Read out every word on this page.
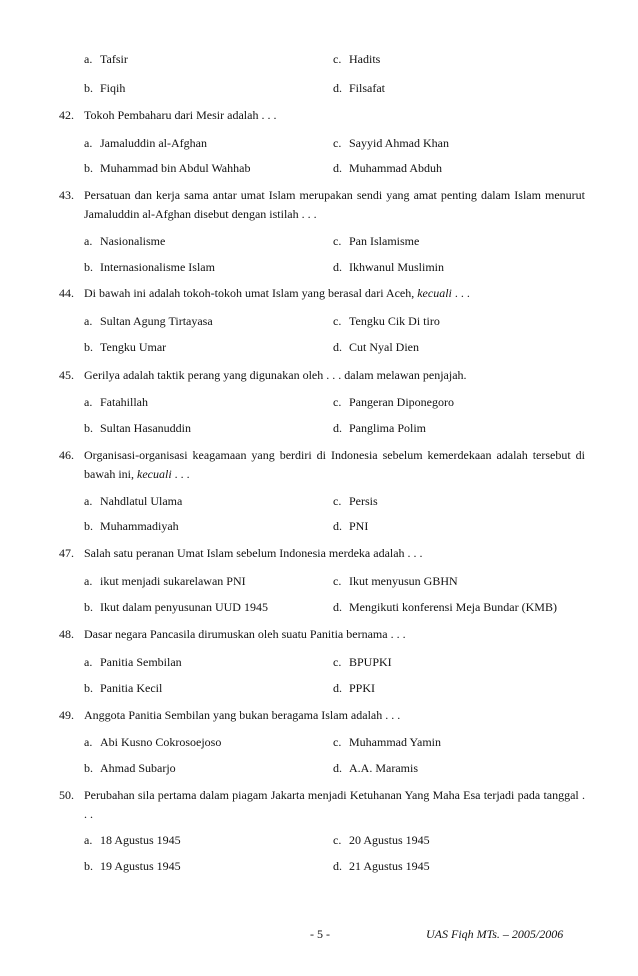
a. Tafsir	c. Hadits
b. Fiqih	d. Filsafat
42. Tokoh Pembaharu dari Mesir adalah . . .
a. Jamaluddin al-Afghan	c. Sayyid Ahmad Khan
b. Muhammad bin Abdul Wahhab	d. Muhammad Abduh
43. Persatuan dan kerja sama antar umat Islam merupakan sendi yang amat penting dalam Islam menurut Jamaluddin al-Afghan disebut dengan istilah . . .
a. Nasionalisme	c. Pan Islamisme
b. Internasionalisme Islam	d. Ikhwanul Muslimin
44. Di bawah ini adalah tokoh-tokoh umat Islam yang berasal dari Aceh, kecuali . . .
a. Sultan Agung Tirtayasa	c. Tengku Cik Di tiro
b. Tengku Umar	d. Cut Nyal Dien
45. Gerilya adalah taktik perang yang digunakan oleh . . . dalam melawan penjajah.
a. Fatahillah	c. Pangeran Diponegoro
b. Sultan Hasanuddin	d. Panglima Polim
46. Organisasi-organisasi keagamaan yang berdiri di Indonesia sebelum kemerdekaan adalah tersebut di bawah ini, kecuali . . .
a. Nahdlatul Ulama	c. Persis
b. Muhammadiyah	d. PNI
47. Salah satu peranan Umat Islam sebelum Indonesia merdeka adalah . . .
a. ikut menjadi sukarelawan PNI	c. Ikut menyusun GBHN
b. Ikut dalam penyusunan UUD 1945	d. Mengikuti konferensi Meja Bundar (KMB)
48. Dasar negara Pancasila dirumuskan oleh suatu Panitia bernama . . .
a. Panitia Sembilan	c. BPUPKI
b. Panitia Kecil	d. PPKI
49. Anggota Panitia Sembilan yang bukan beragama Islam adalah . . .
a. Abi Kusno Cokrosoejoso	c. Muhammad Yamin
b. Ahmad Subarjo	d. A.A. Maramis
50. Perubahan sila pertama dalam piagam Jakarta menjadi Ketuhanan Yang Maha Esa terjadi pada tanggal . . .
a. 18 Agustus 1945	c. 20 Agustus 1945
b. 19 Agustus 1945	d. 21 Agustus 1945
- 5 -	UAS Fiqh MTs. – 2005/2006
